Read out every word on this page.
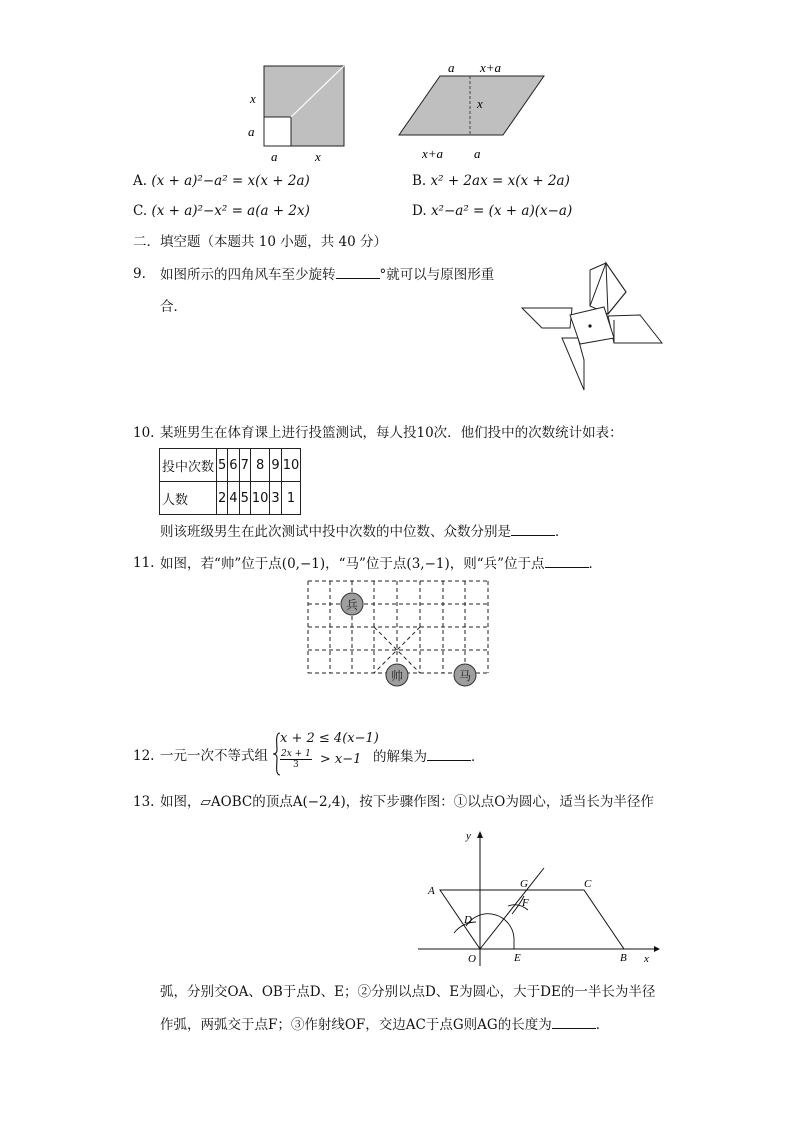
x
a
a	x
a x+a
x
x+a a
A. (x + a)²−a² = x(x + 2a)	B. x² + 2ax = x(x + 2a)
C. (x + a)²−x² = a(a + 2x)	D. x²−a² = (x + a)(x−a)
二．填空题（本题共 10 小题，共 40 分）
9. 如图所示的四角风车至少旋转	°就可以与原图形重
合．
10. 某班男生在体育课上进行投篮测试，每人投10次．他们投中的次数统计如表：
投中次数	5	6	7	8	9	10
人数	2	4	5	10	3	1
则该班级男生在此次测试中投中次数的中位数、众数分别是	．
11. 如图，若“帅”位于点(0,−1)，“马”位于点(3,−1)，则“兵”位于点	．
兵
帅	马
12. 一元一次不等式组
x + 2 ≤ 4(x−1)
$\frac{2x + 1}{3} > x-1$ 的解集为	．
13. 如图，▱AOBC的顶点A(−2,4)，按下步骤作图：①以点O为圆心，适当长为半径作
y
x
A
C
G
F
D
O	E	B
弧，分别交OA、OB于点D、E；②分别以点D、E为圆心，大于DE的一半长为半径
作弧，两弧交于点F；③作射线OF，交边AC于点G则AG的长度为	．
